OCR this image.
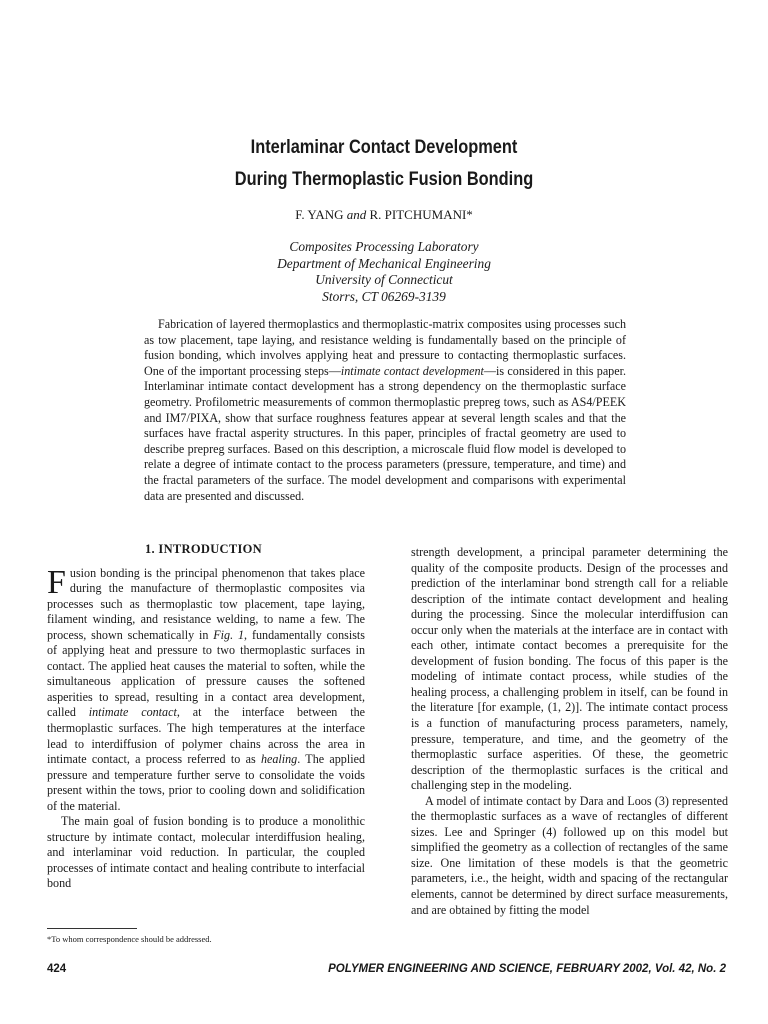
Interlaminar Contact Development
During Thermoplastic Fusion Bonding
F. YANG and R. PITCHUMANI*
Composites Processing Laboratory
Department of Mechanical Engineering
University of Connecticut
Storrs, CT 06269-3139
Fabrication of layered thermoplastics and thermoplastic-matrix composites using processes such as tow placement, tape laying, and resistance welding is fundamentally based on the principle of fusion bonding, which involves applying heat and pressure to contacting thermoplastic surfaces. One of the important processing steps—intimate contact development—is considered in this paper. Interlaminar intimate contact development has a strong dependency on the thermoplastic surface geometry. Profilometric measurements of common thermoplastic prepreg tows, such as AS4/PEEK and IM7/PIXA, show that surface roughness features appear at several length scales and that the surfaces have fractal asperity structures. In this paper, principles of fractal geometry are used to describe prepreg surfaces. Based on this description, a microscale fluid flow model is developed to relate a degree of intimate contact to the process parameters (pressure, temperature, and time) and the fractal parameters of the surface. The model development and comparisons with experimental data are presented and discussed.
1. INTRODUCTION

Fusion bonding is the principal phenomenon that takes place during the manufacture of thermoplastic composites via processes such as thermoplastic tow placement, tape laying, filament winding, and resistance welding, to name a few. The process, shown schematically in Fig. 1, fundamentally consists of applying heat and pressure to two thermoplastic surfaces in contact. The applied heat causes the material to soften, while the simultaneous application of pressure causes the softened asperities to spread, resulting in a contact area development, called intimate contact, at the interface between the thermoplastic surfaces. The high temperatures at the interface lead to interdiffusion of polymer chains across the area in intimate contact, a process referred to as healing. The applied pressure and temperature further serve to consolidate the voids present within the tows, prior to cooling down and solidification of the material.

The main goal of fusion bonding is to produce a monolithic structure by intimate contact, molecular interdiffusion healing, and interlaminar void reduction. In particular, the coupled processes of intimate contact and healing contribute to interfacial bond

strength development, a principal parameter determining the quality of the composite products. Design of the processes and prediction of the interlaminar bond strength call for a reliable description of the intimate contact development and healing during the processing. Since the molecular interdiffusion can occur only when the materials at the interface are in contact with each other, intimate contact becomes a prerequisite for the development of fusion bonding. The focus of this paper is the modeling of intimate contact process, while studies of the healing process, a challenging problem in itself, can be found in the literature [for example, (1, 2)]. The intimate contact process is a function of manufacturing process parameters, namely, pressure, temperature, and time, and the geometry of the thermoplastic surface asperities. Of these, the geometric description of the thermoplastic surfaces is the critical and challenging step in the modeling.

A model of intimate contact by Dara and Loos (3) represented the thermoplastic surfaces as a wave of rectangles of different sizes. Lee and Springer (4) followed up on this model but simplified the geometry as a collection of rectangles of the same size. One limitation of these models is that the geometric parameters, i.e., the height, width and spacing of the rectangular elements, cannot be determined by direct surface measurements, and are obtained by fitting the model

*To whom correspondence should be addressed.
424	POLYMER ENGINEERING AND SCIENCE, FEBRUARY 2002, Vol. 42, No. 2
